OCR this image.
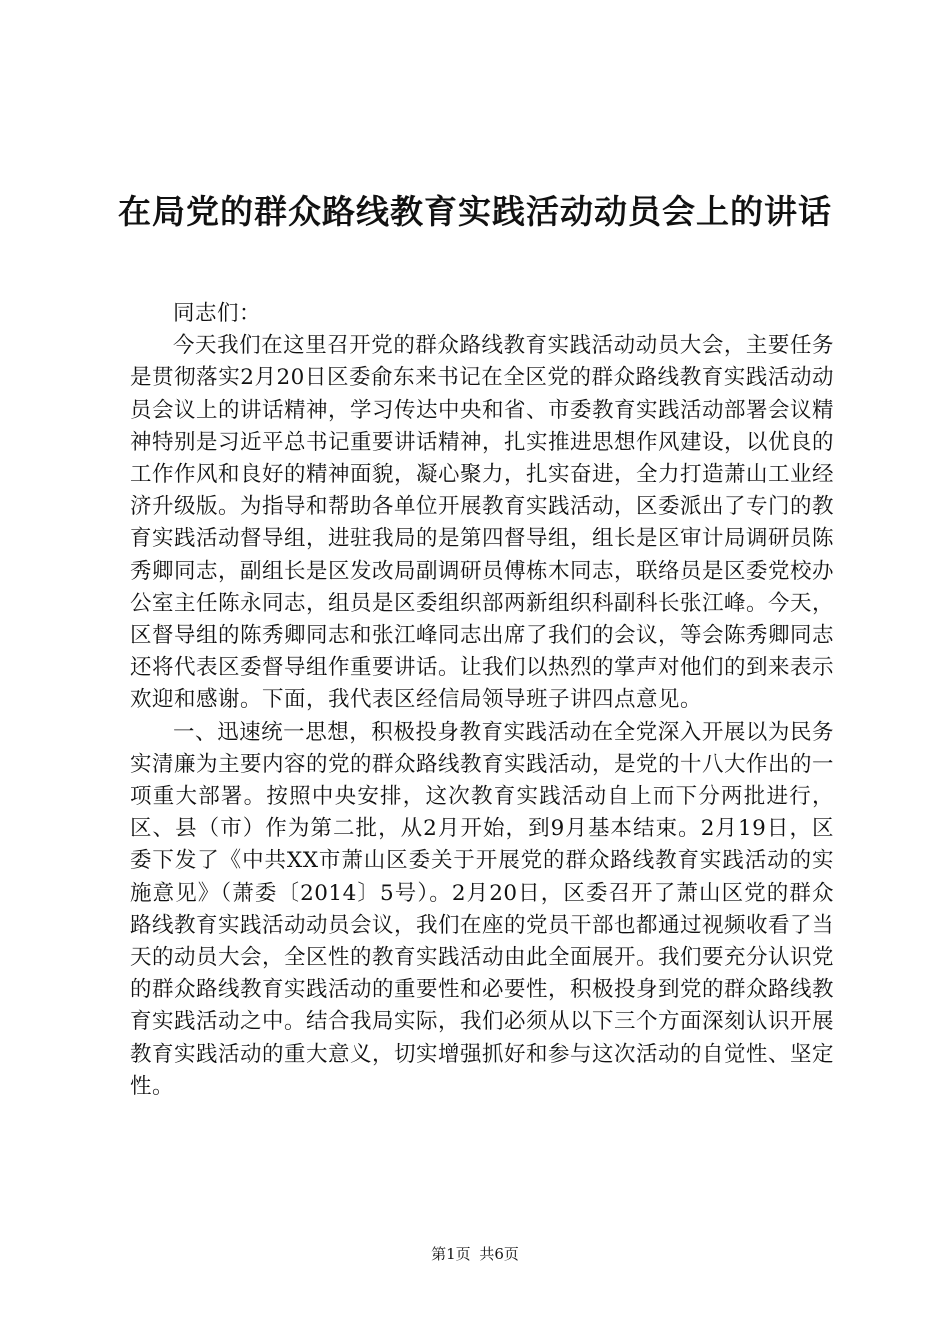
在局党的群众路线教育实践活动动员会上的讲话

同志们：

今天我们在这里召开党的群众路线教育实践活动动员大会，主要任务是贯彻落实2月20日区委俞东来书记在全区党的群众路线教育实践活动动员会议上的讲话精神，学习传达中央和省、市委教育实践活动部署会议精神特别是习近平总书记重要讲话精神，扎实推进思想作风建设，以优良的工作作风和良好的精神面貌，凝心聚力，扎实奋进，全力打造萧山工业经济升级版。为指导和帮助各单位开展教育实践活动，区委派出了专门的教育实践活动督导组，进驻我局的是第四督导组，组长是区审计局调研员陈秀卿同志，副组长是区发改局副调研员傅栋木同志，联络员是区委党校办公室主任陈永同志，组员是区委组织部两新组织科副科长张江峰。今天，区督导组的陈秀卿同志和张江峰同志出席了我们的会议，等会陈秀卿同志还将代表区委督导组作重要讲话。让我们以热烈的掌声对他们的到来表示欢迎和感谢。下面，我代表区经信局领导班子讲四点意见。

一、迅速统一思想，积极投身教育实践活动在全党深入开展以为民务实清廉为主要内容的党的群众路线教育实践活动，是党的十八大作出的一项重大部署。按照中央安排，这次教育实践活动自上而下分两批进行，区、县（市）作为第二批，从2月开始，到9月基本结束。2月19日，区委下发了《中共XX市萧山区委关于开展党的群众路线教育实践活动的实施意见》（萧委〔2014〕5号）。2月20日，区委召开了萧山区党的群众路线教育实践活动动员会议，我们在座的党员干部也都通过视频收看了当天的动员大会，全区性的教育实践活动由此全面展开。我们要充分认识党的群众路线教育实践活动的重要性和必要性，积极投身到党的群众路线教育实践活动之中。结合我局实际，我们必须从以下三个方面深刻认识开展教育实践活动的重大意义，切实增强抓好和参与这次活动的自觉性、坚定性。

第1页 共6页
